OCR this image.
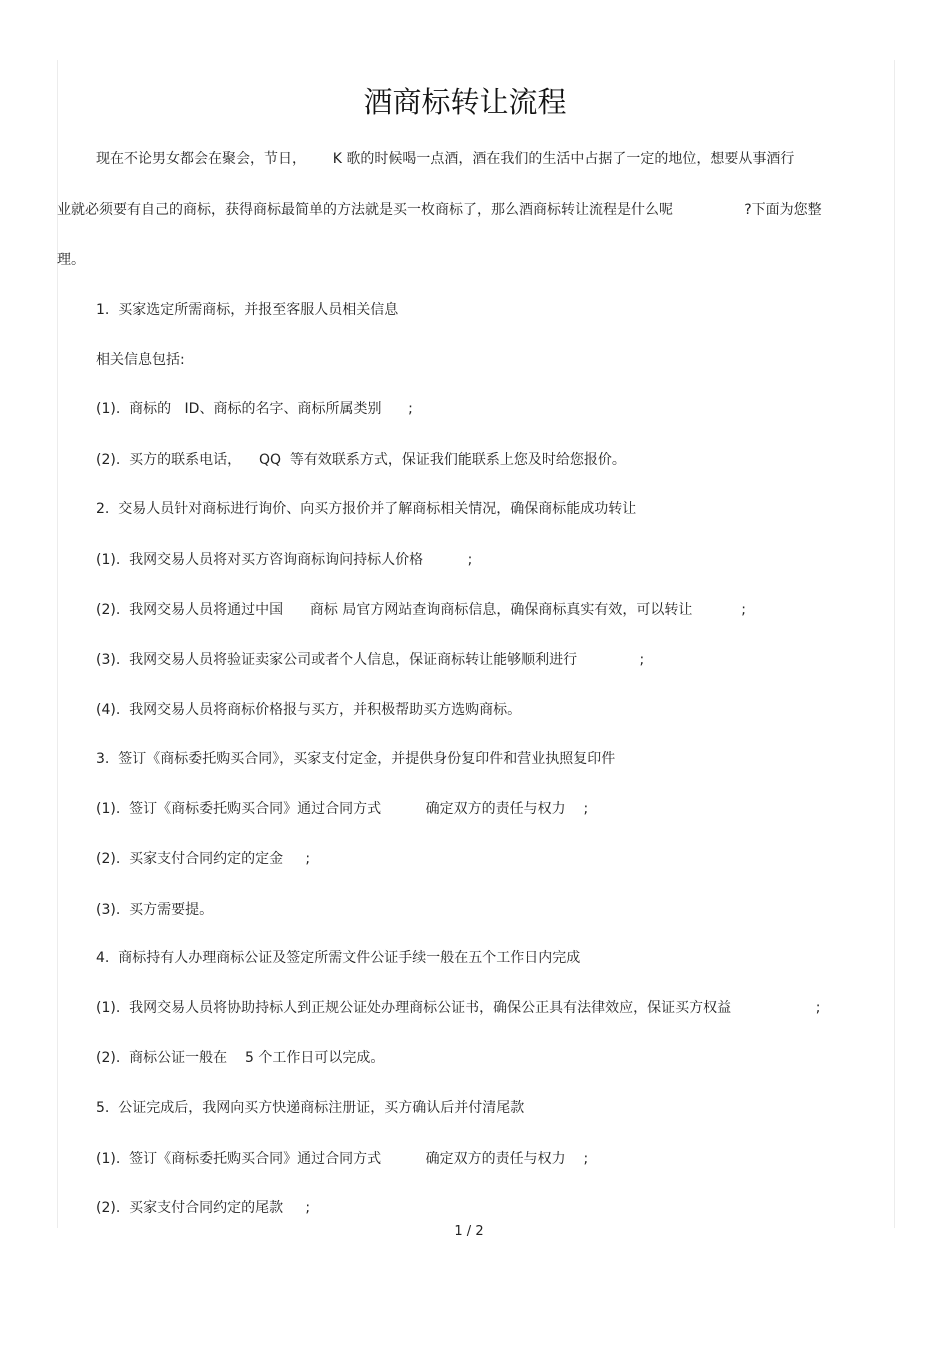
酒商标转让流程
现在不论男女都会在聚会，节日，      K 歌的时候喝一点酒，酒在我们的生活中占据了一定的地位，想要从事酒行
业就必须要有自己的商标，获得商标最简单的方法就是买一枚商标了，那么酒商标转让流程是什么呢                ?下面为您整
理。
1.  买家选定所需商标，并报至客服人员相关信息
相关信息包括:
(1).  商标的   ID、商标的名字、商标所属类别      ;
(2).  买方的联系电话，    QQ  等有效联系方式，保证我们能联系上您及时给您报价。
2.  交易人员针对商标进行询价、向买方报价并了解商标相关情况，确保商标能成功转让
(1).  我网交易人员将对买方咨询商标询问持标人价格          ;
(2).  我网交易人员将通过中国      商标 局官方网站查询商标信息，确保商标真实有效，可以转让           ;
(3).  我网交易人员将验证卖家公司或者个人信息，保证商标转让能够顺利进行              ;
(4).  我网交易人员将商标价格报与买方，并积极帮助买方选购商标。
3.  签订《商标委托购买合同》，买家支付定金，并提供身份复印件和营业执照复印件
(1).  签订《商标委托购买合同》通过合同方式          确定双方的责任与权力    ;
(2).  买家支付合同约定的定金     ;
(3).  买方需要提。
4.  商标持有人办理商标公证及签定所需文件公证手续一般在五个工作日内完成
(1).  我网交易人员将协助持标人到正规公证处办理商标公证书，确保公正具有法律效应，保证买方权益                   ;
(2).  商标公证一般在    5 个工作日可以完成。
5.  公证完成后，我网向买方快递商标注册证，买方确认后并付清尾款
(1).  签订《商标委托购买合同》通过合同方式          确定双方的责任与权力    ;
(2).  买家支付合同约定的尾款     ;
1 / 2
